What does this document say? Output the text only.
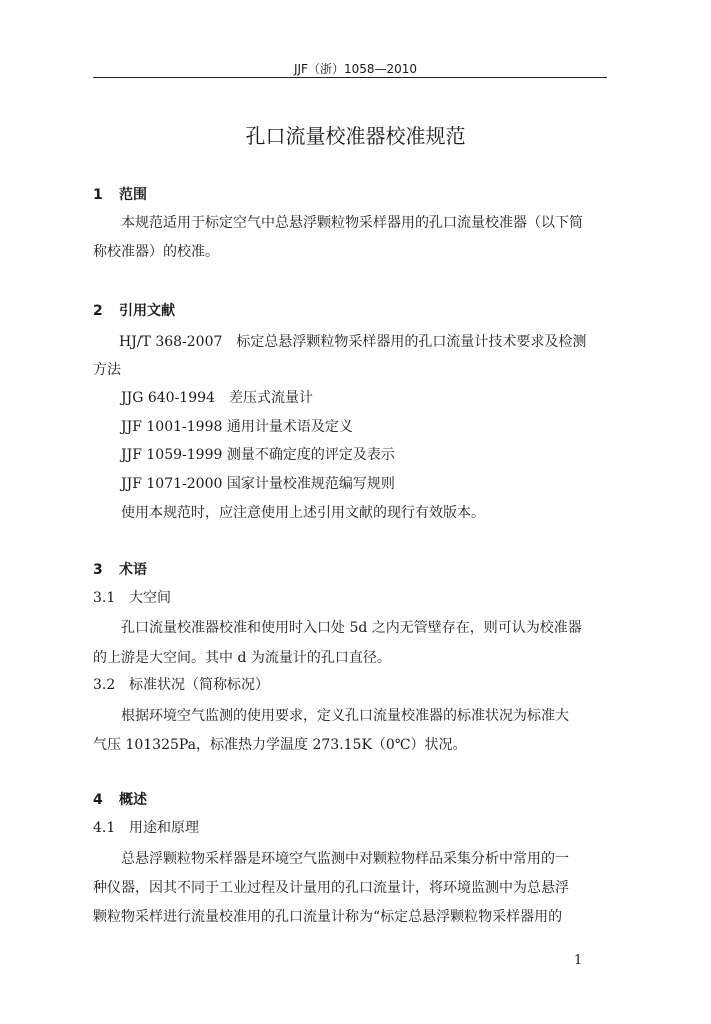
JJF（浙）1058—2010
孔口流量校准器校准规范
1 范围
本规范适用于标定空气中总悬浮颗粒物采样器用的孔口流量校准器（以下简
称校准器）的校准。
2 引用文献
HJ/T 368-2007　标定总悬浮颗粒物采样器用的孔口流量计技术要求及检测
方法
JJG 640-1994　差压式流量计
JJF 1001-1998 通用计量术语及定义
JJF 1059-1999 测量不确定度的评定及表示
JJF 1071-2000 国家计量校准规范编写规则
使用本规范时，应注意使用上述引用文献的现行有效版本。
3 术语
3.1 大空间
孔口流量校准器校准和使用时入口处 5d 之内无管壁存在，则可认为校准器
的上游是大空间。其中 d 为流量计的孔口直径。
3.2 标准状况（简称标况）
根据环境空气监测的使用要求，定义孔口流量校准器的标准状况为标准大
气压 101325Pa，标准热力学温度 273.15K（0℃）状况。
4 概述
4.1 用途和原理
总悬浮颗粒物采样器是环境空气监测中对颗粒物样品采集分析中常用的一
种仪器，因其不同于工业过程及计量用的孔口流量计，将环境监测中为总悬浮
颗粒物采样进行流量校准用的孔口流量计称为“标定总悬浮颗粒物采样器用的
1
